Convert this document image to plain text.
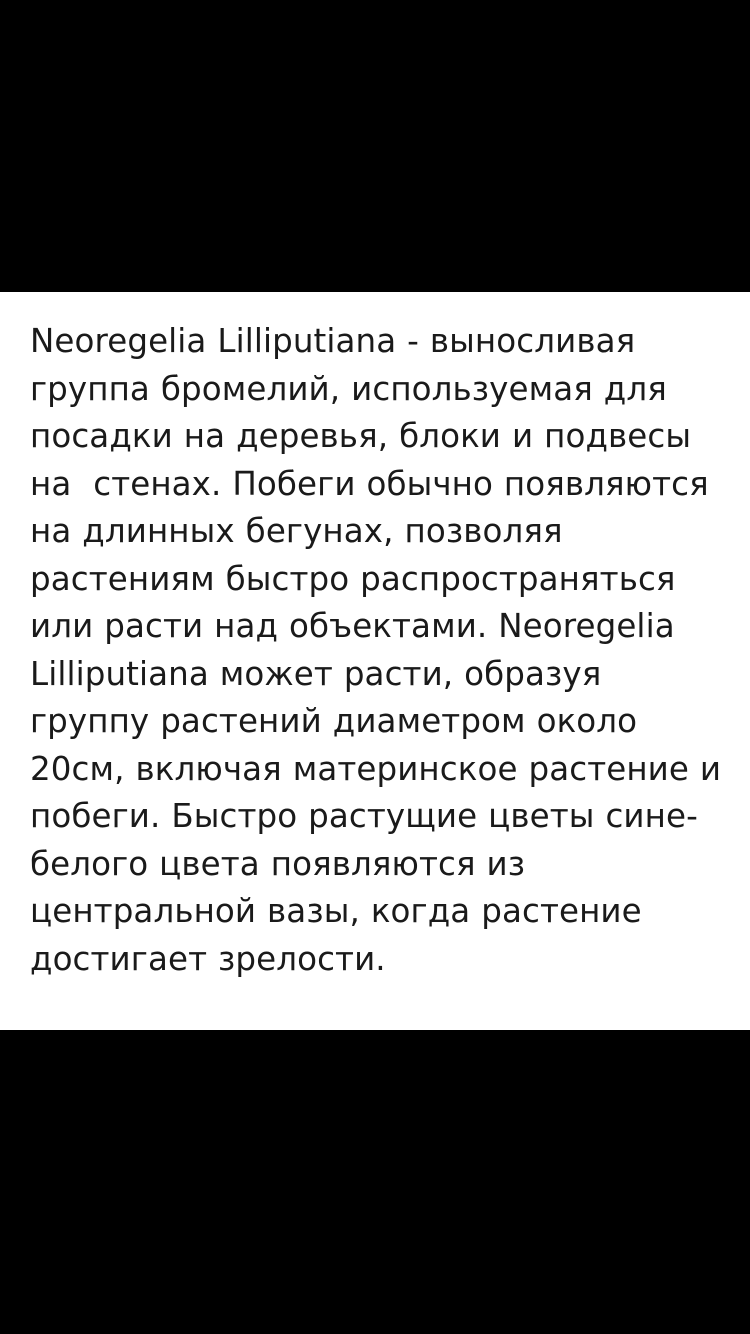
Neoregelia Lilliputiana - выносливая группа бромелий, используемая для посадки на деревья, блоки и подвесы на  стенах. Побеги обычно появляются на длинных бегунах, позволяя растениям быстро распространяться или расти над объектами. Neoregelia Lilliputiana может расти, образуя группу растений диаметром около 20см, включая материнское растение и побеги. Быстро растущие цветы сине-белого цвета появляются из центральной вазы, когда растение достигает зрелости.
